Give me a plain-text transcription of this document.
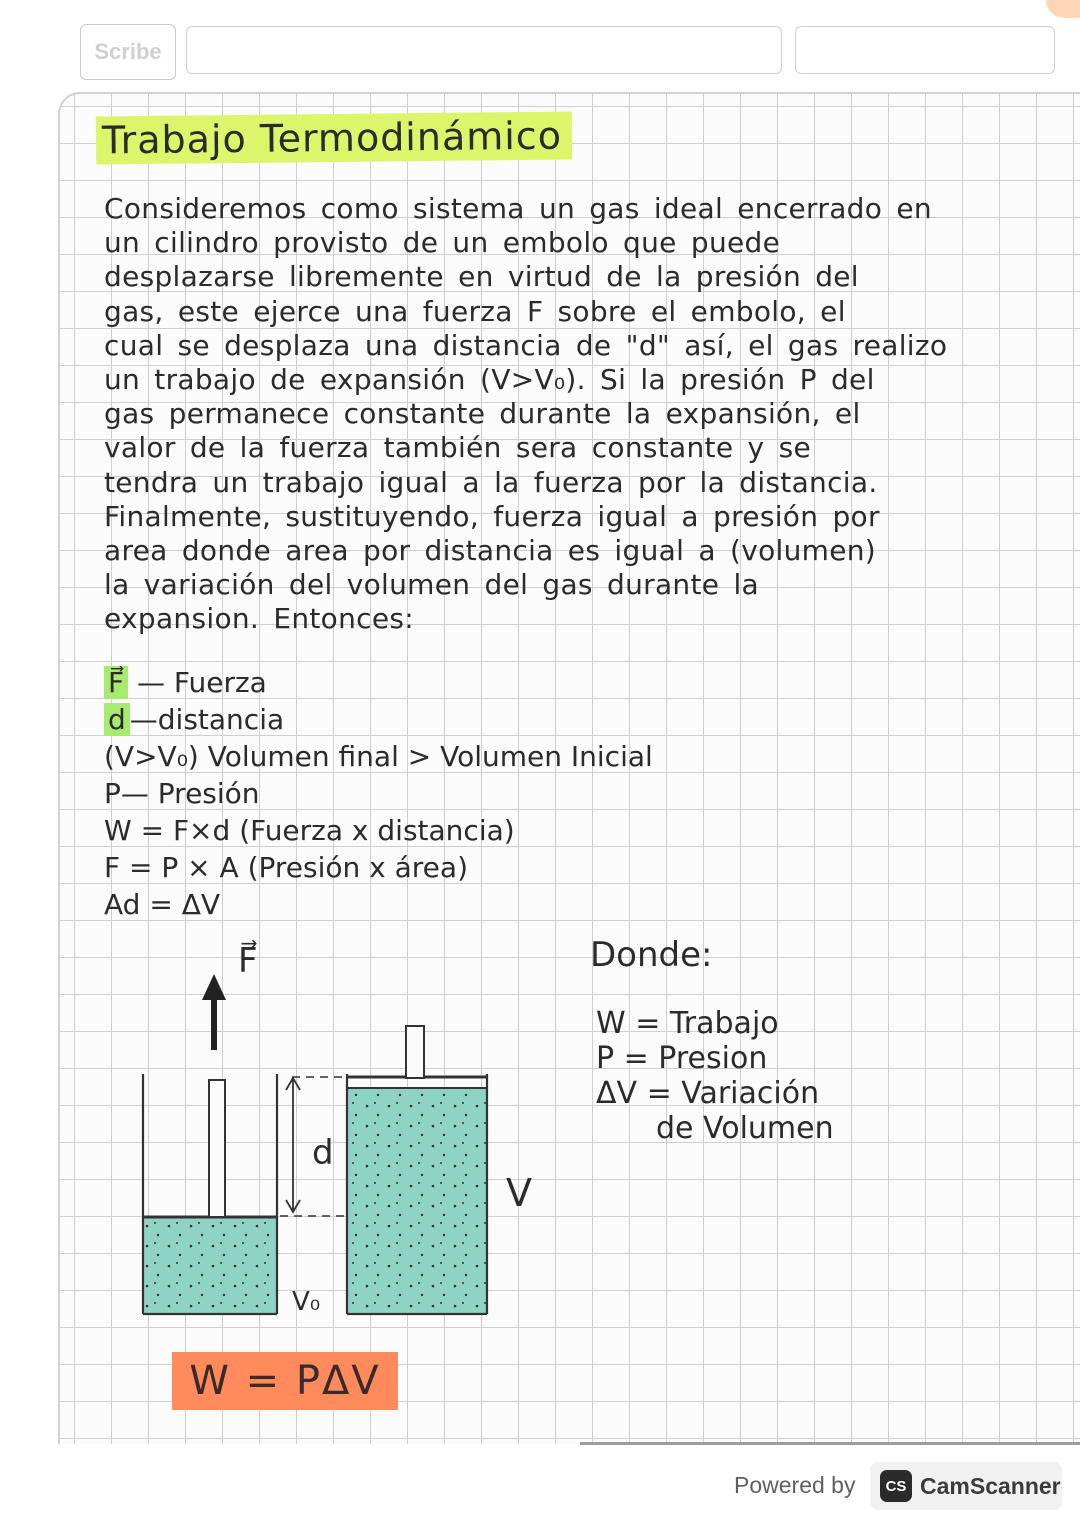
Scribe
Trabajo Termodinámico
Consideremos como sistema un gas ideal encerrado en
un cilindro provisto de un embolo que puede
desplazarse libremente en virtud de la presión del
gas, este ejerce una fuerza F sobre el embolo, el
cual se desplaza una distancia de "d" así, el gas realizo
un trabajo de expansión (V>V₀). Si la presión P del
gas permanece constante durante la expansión, el
valor de la fuerza también sera constante y se
tendra un trabajo igual a la fuerza por la distancia.
Finalmente, sustituyendo, fuerza igual a presión por
area donde area por distancia es igual a (volumen)
la variación del volumen del gas durante la
expansion. Entonces:
F⃗ — Fuerza
d —distancia
(V>V₀) Volumen final > Volumen Inicial
P— Presión
W = F×d (Fuerza x distancia)
F = P × A (Presión x área)
Ad = ΔV
F⃗
V₀
d
V
Donde:
W = Trabajo
P = Presion
ΔV = Variación
de Volumen
W = PΔV
Powered by	CS CamScanner
